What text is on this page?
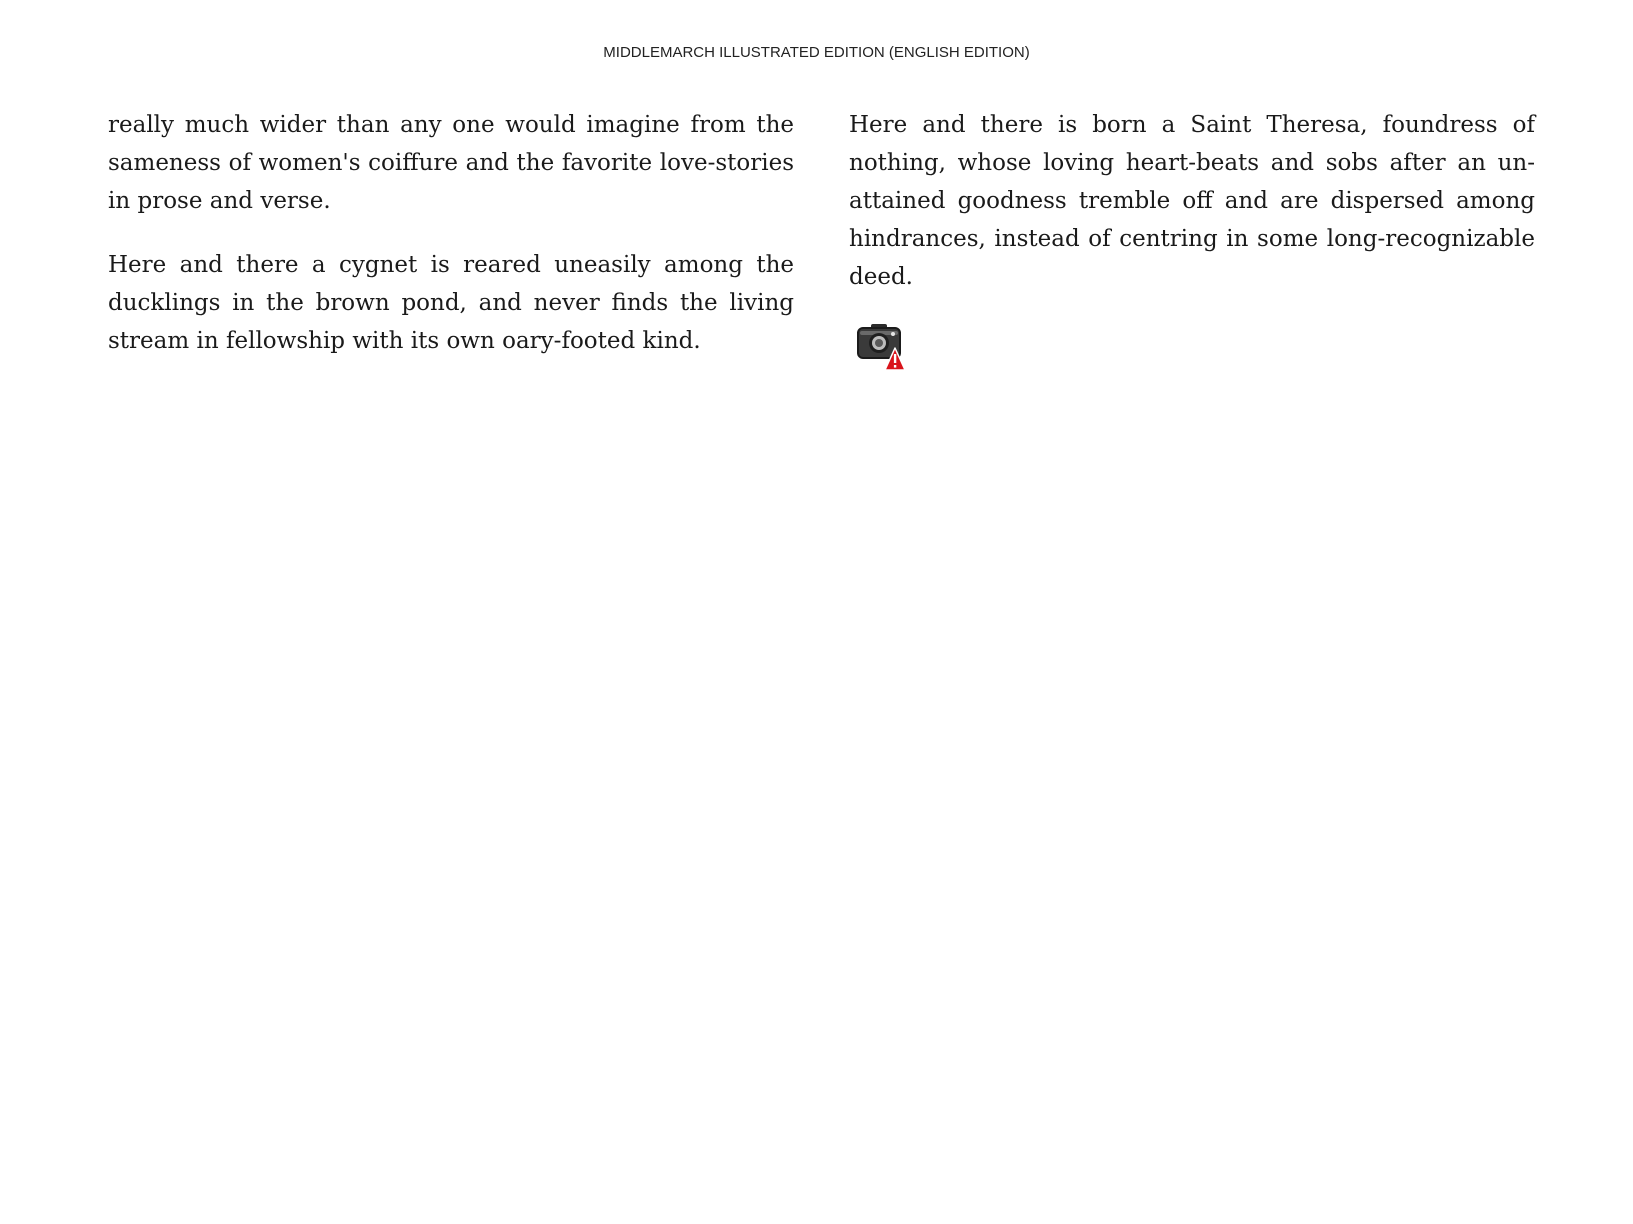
MIDDLEMARCH ILLUSTRATED EDITION (ENGLISH EDITION)

really much wider than any one would imagine from the sameness of women's coiffure and the favorite love-stories in prose and verse.

Here and there a cygnet is reared uneasily among the ducklings in the brown pond, and never finds the living stream in fellowship with its own oary-footed kind.

Here and there is born a Saint Theresa, foundress of nothing, whose loving heart-beats and sobs after an unattained goodness tremble off and are dispersed among hindrances, instead of centring in some long-recognizable deed.
